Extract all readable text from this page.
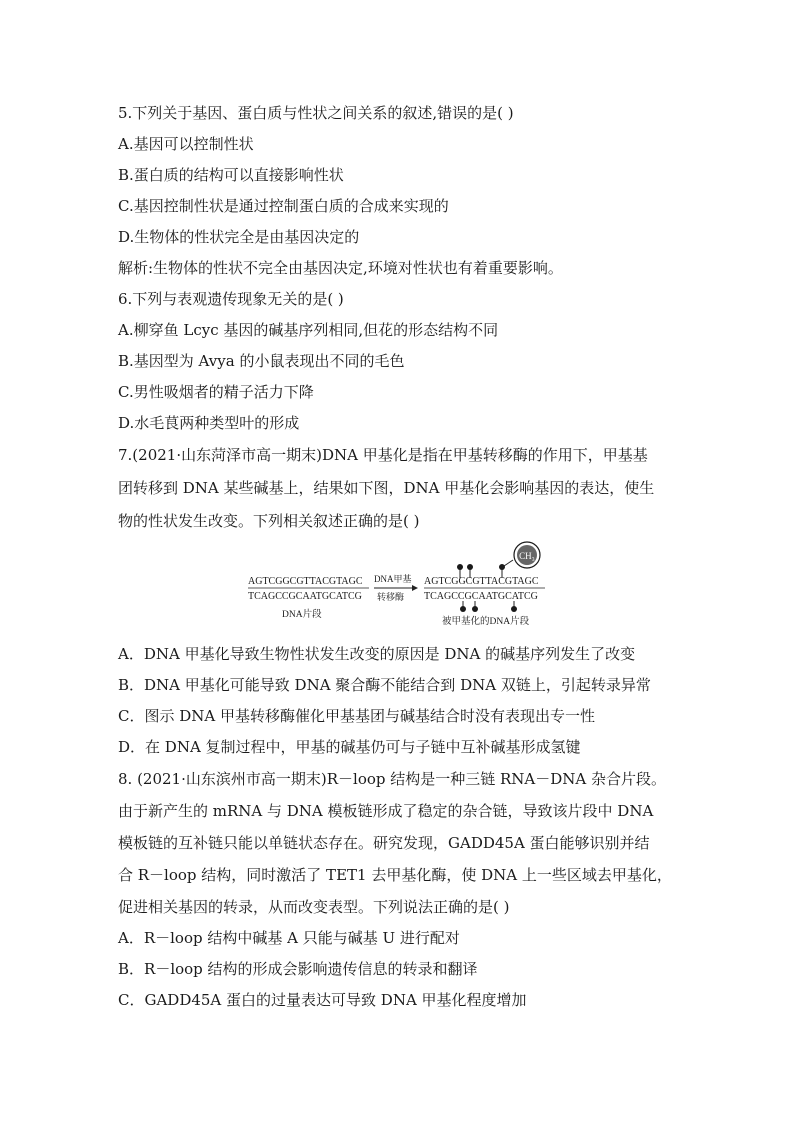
5.下列关于基因、蛋白质与性状之间关系的叙述,错误的是( )
A.基因可以控制性状
B.蛋白质的结构可以直接影响性状
C.基因控制性状是通过控制蛋白质的合成来实现的
D.生物体的性状完全是由基因决定的
解析:生物体的性状不完全由基因决定,环境对性状也有着重要影响。
6.下列与表观遗传现象无关的是( )
A.柳穿鱼 Lcyc 基因的碱基序列相同,但花的形态结构不同
B.基因型为 Avya 的小鼠表现出不同的毛色
C.男性吸烟者的精子活力下降
D.水毛茛两种类型叶的形成
7.(2021·山东菏泽市高一期末)DNA 甲基化是指在甲基转移酶的作用下，甲基基
团转移到 DNA 某些碱基上，结果如下图，DNA 甲基化会影响基因的表达，使生
物的性状发生改变。下列相关叙述正确的是( )
AGTCGGCGTTACGTAGC
TCAGCCGCAATGCATCG
DNA片段
DNA甲基
转移酶
CH₃
AGTCGGCGTTACGTAGC
TCAGCCGCAATGCATCG
被甲基化的DNA片段
A．DNA 甲基化导致生物性状发生改变的原因是 DNA 的碱基序列发生了改变
B．DNA 甲基化可能导致 DNA 聚合酶不能结合到 DNA 双链上，引起转录异常
C．图示 DNA 甲基转移酶催化甲基基团与碱基结合时没有表现出专一性
D．在 DNA 复制过程中，甲基的碱基仍可与子链中互补碱基形成氢键
8. (2021·山东滨州市高一期末)R－loop 结构是一种三链 RNA－DNA 杂合片段。
由于新产生的 mRNA 与 DNA 模板链形成了稳定的杂合链，导致该片段中 DNA
模板链的互补链只能以单链状态存在。研究发现，GADD45A 蛋白能够识别并结
合 R－loop 结构，同时激活了 TET1 去甲基化酶，使 DNA 上一些区域去甲基化，
促进相关基因的转录，从而改变表型。下列说法正确的是( )
A．R－loop 结构中碱基 A 只能与碱基 U 进行配对
B．R－loop 结构的形成会影响遗传信息的转录和翻译
C．GADD45A 蛋白的过量表达可导致 DNA 甲基化程度增加
